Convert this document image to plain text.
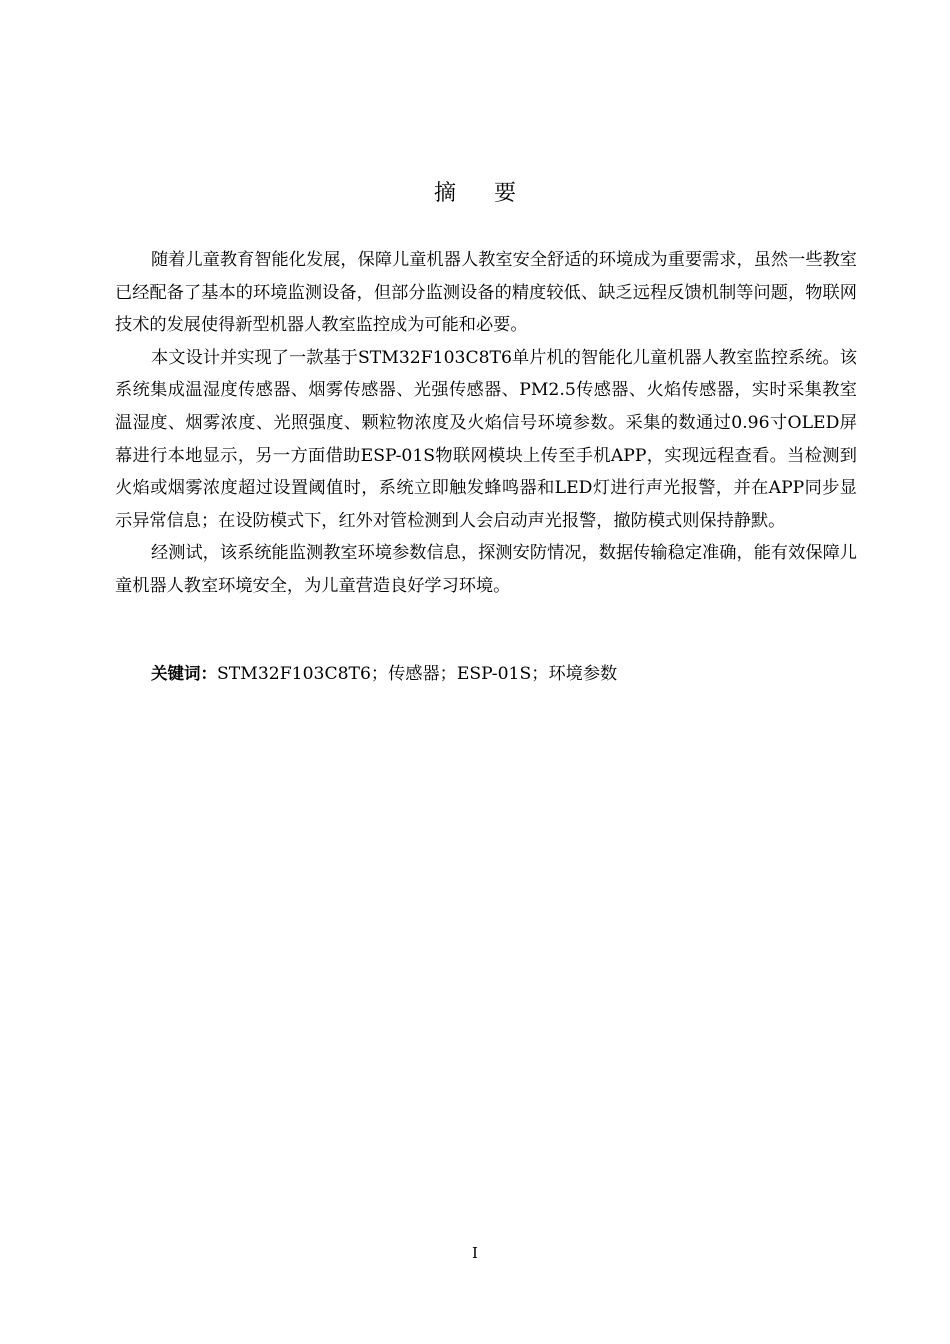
摘要

随着儿童教育智能化发展，保障儿童机器人教室安全舒适的环境成为重要需求，虽然一些教室已经配备了基本的环境监测设备，但部分监测设备的精度较低、缺乏远程反馈机制等问题，物联网技术的发展使得新型机器人教室监控成为可能和必要。

本文设计并实现了一款基于STM32F103C8T6单片机的智能化儿童机器人教室监控系统。该系统集成温湿度传感器、烟雾传感器、光强传感器、PM2.5传感器、火焰传感器，实时采集教室温湿度、烟雾浓度、光照强度、颗粒物浓度及火焰信号环境参数。采集的数通过0.96寸OLED屏幕进行本地显示，另一方面借助ESP-01S物联网模块上传至手机APP，实现远程查看。当检测到火焰或烟雾浓度超过设置阈值时，系统立即触发蜂鸣器和LED灯进行声光报警，并在APP同步显示异常信息；在设防模式下，红外对管检测到人会启动声光报警，撤防模式则保持静默。

经测试，该系统能监测教室环境参数信息，探测安防情况，数据传输稳定准确，能有效保障儿童机器人教室环境安全，为儿童营造良好学习环境。

关键词：STM32F103C8T6；传感器；ESP-01S；环境参数
I
